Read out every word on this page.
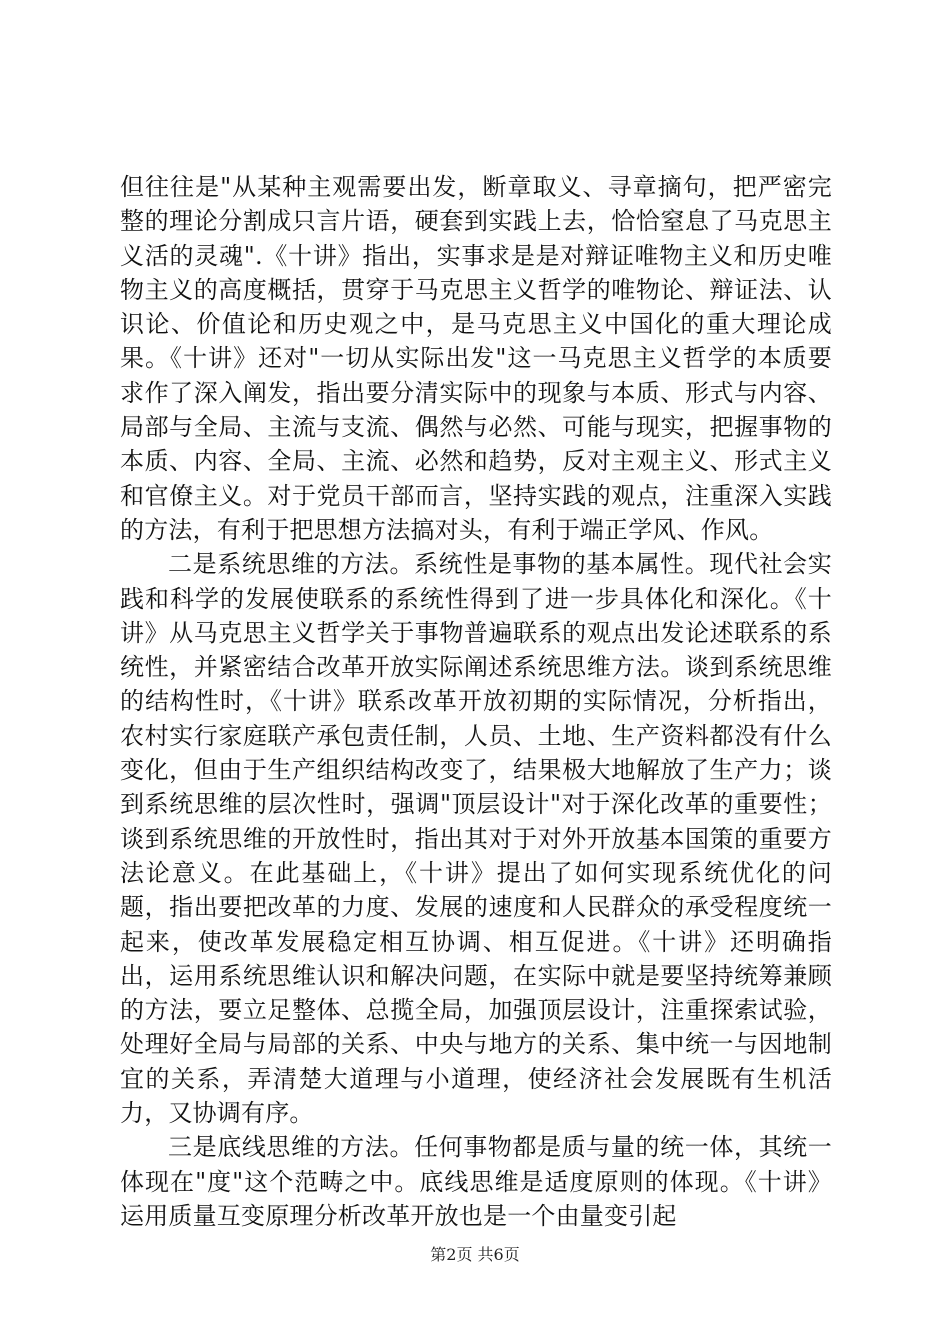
但往往是"从某种主观需要出发，断章取义、寻章摘句，把严密完整的理论分割成只言片语，硬套到实践上去，恰恰窒息了马克思主义活的灵魂".《十讲》指出，实事求是是对辩证唯物主义和历史唯物主义的高度概括，贯穿于马克思主义哲学的唯物论、辩证法、认识论、价值论和历史观之中，是马克思主义中国化的重大理论成果。《十讲》还对"一切从实际出发"这一马克思主义哲学的本质要求作了深入阐发，指出要分清实际中的现象与本质、形式与内容、局部与全局、主流与支流、偶然与必然、可能与现实，把握事物的本质、内容、全局、主流、必然和趋势，反对主观主义、形式主义和官僚主义。对于党员干部而言，坚持实践的观点，注重深入实践的方法，有利于把思想方法搞对头，有利于端正学风、作风。

二是系统思维的方法。系统性是事物的基本属性。现代社会实践和科学的发展使联系的系统性得到了进一步具体化和深化。《十讲》从马克思主义哲学关于事物普遍联系的观点出发论述联系的系统性，并紧密结合改革开放实际阐述系统思维方法。谈到系统思维的结构性时，《十讲》联系改革开放初期的实际情况，分析指出，农村实行家庭联产承包责任制，人员、土地、生产资料都没有什么变化，但由于生产组织结构改变了，结果极大地解放了生产力；谈到系统思维的层次性时，强调"顶层设计"对于深化改革的重要性；谈到系统思维的开放性时，指出其对于对外开放基本国策的重要方法论意义。在此基础上，《十讲》提出了如何实现系统优化的问题，指出要把改革的力度、发展的速度和人民群众的承受程度统一起来，使改革发展稳定相互协调、相互促进。《十讲》还明确指出，运用系统思维认识和解决问题，在实际中就是要坚持统筹兼顾的方法，要立足整体、总揽全局，加强顶层设计，注重探索试验，处理好全局与局部的关系、中央与地方的关系、集中统一与因地制宜的关系，弄清楚大道理与小道理，使经济社会发展既有生机活力，又协调有序。

三是底线思维的方法。任何事物都是质与量的统一体，其统一体现在"度"这个范畴之中。底线思维是适度原则的体现。《十讲》运用质量互变原理分析改革开放也是一个由量变引起

第2页 共6页
